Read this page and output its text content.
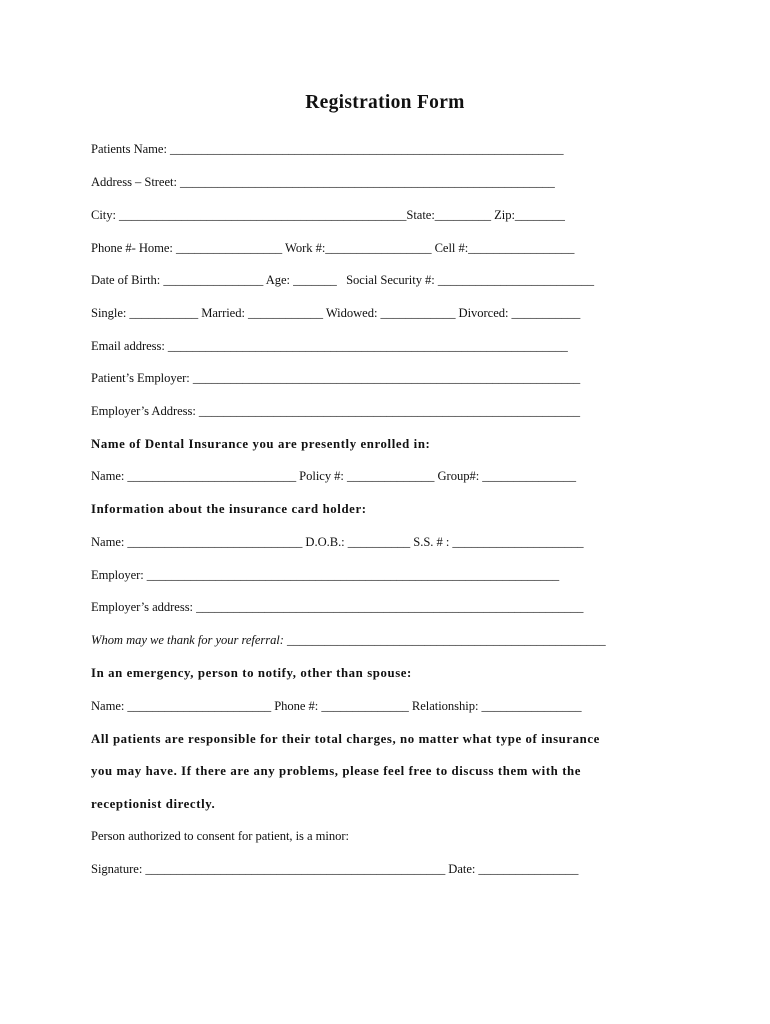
Registration Form
Patients Name: _______________________________________________________________
Address – Street: ____________________________________________________________
City: ______________________________________________State:_________ Zip:________
Phone #- Home: _________________ Work #:_________________ Cell #:_________________
Date of Birth: ________________ Age: _______   Social Security #: _________________________
Single: ___________ Married: ____________ Widowed: ____________ Divorced: ___________
Email address: ________________________________________________________________
Patient’s Employer: ______________________________________________________________
Employer’s Address: _____________________________________________________________
Name of Dental Insurance you are presently enrolled in:
Name: ___________________________ Policy #: ______________ Group#: _______________
Information about the insurance card holder:
Name: ____________________________ D.O.B.: __________ S.S. # : _____________________
Employer: __________________________________________________________________
Employer’s address: ______________________________________________________________
Whom may we thank for your referral: ___________________________________________________
In an emergency, person to notify, other than spouse:
Name: _______________________ Phone #: ______________ Relationship: ________________
All patients are responsible for their total charges, no matter what type of insurance
you may have. If there are any problems, please feel free to discuss them with the
receptionist directly.
Person authorized to consent for patient, is a minor:
Signature: ________________________________________________ Date: ________________
